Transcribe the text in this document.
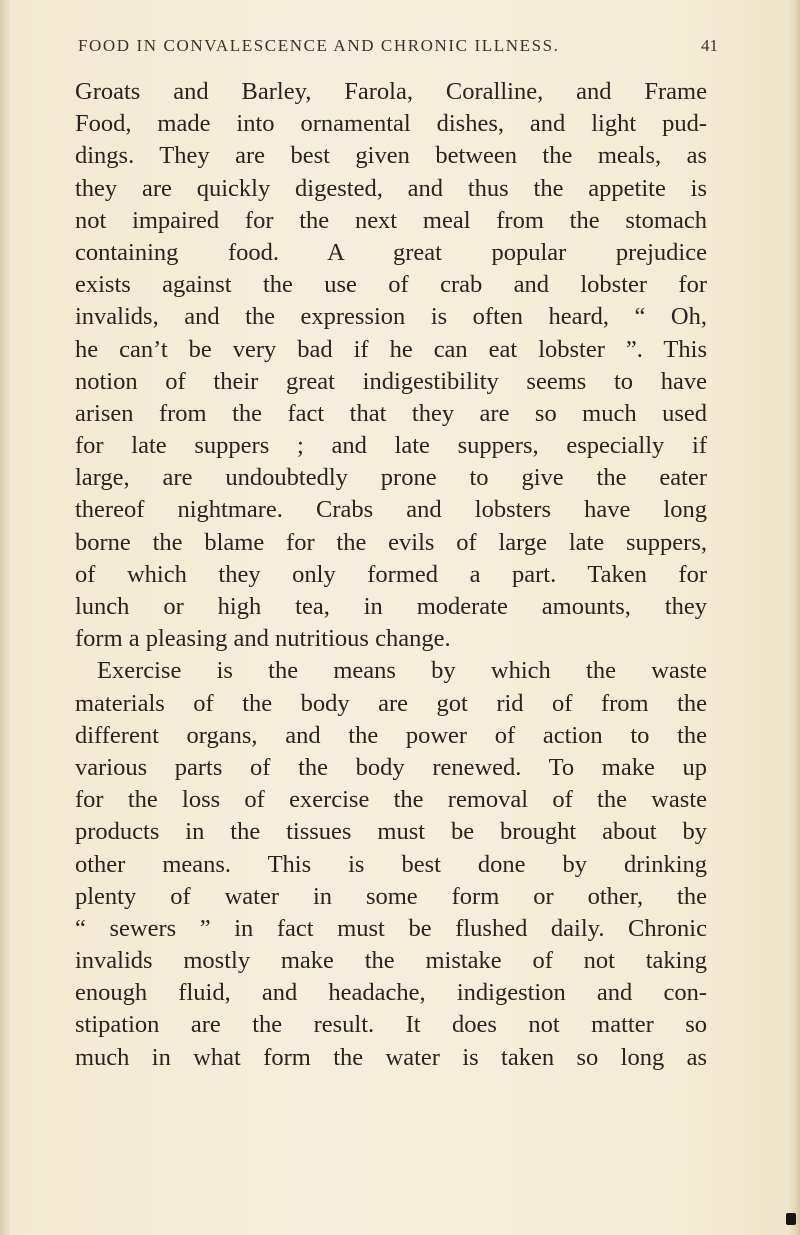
FOOD IN CONVALESCENCE AND CHRONIC ILLNESS.	41
Groats and Barley, Farola, Coralline, and Frame
Food, made into ornamental dishes, and light pud-
dings. They are best given between the meals, as
they are quickly digested, and thus the appetite is
not impaired for the next meal from the stomach
containing food. A great popular prejudice
exists against the use of crab and lobster for
invalids, and the expression is often heard, “ Oh,
he can’t be very bad if he can eat lobster ”. This
notion of their great indigestibility seems to have
arisen from the fact that they are so much used
for late suppers ; and late suppers, especially if
large, are undoubtedly prone to give the eater
thereof nightmare. Crabs and lobsters have long
borne the blame for the evils of large late suppers,
of which they only formed a part. Taken for
lunch or high tea, in moderate amounts, they
form a pleasing and nutritious change.
Exercise is the means by which the waste
materials of the body are got rid of from the
different organs, and the power of action to the
various parts of the body renewed. To make up
for the loss of exercise the removal of the waste
products in the tissues must be brought about by
other means. This is best done by drinking
plenty of water in some form or other, the
“ sewers ” in fact must be flushed daily. Chronic
invalids mostly make the mistake of not taking
enough fluid, and headache, indigestion and con-
stipation are the result. It does not matter so
much in what form the water is taken so long as
